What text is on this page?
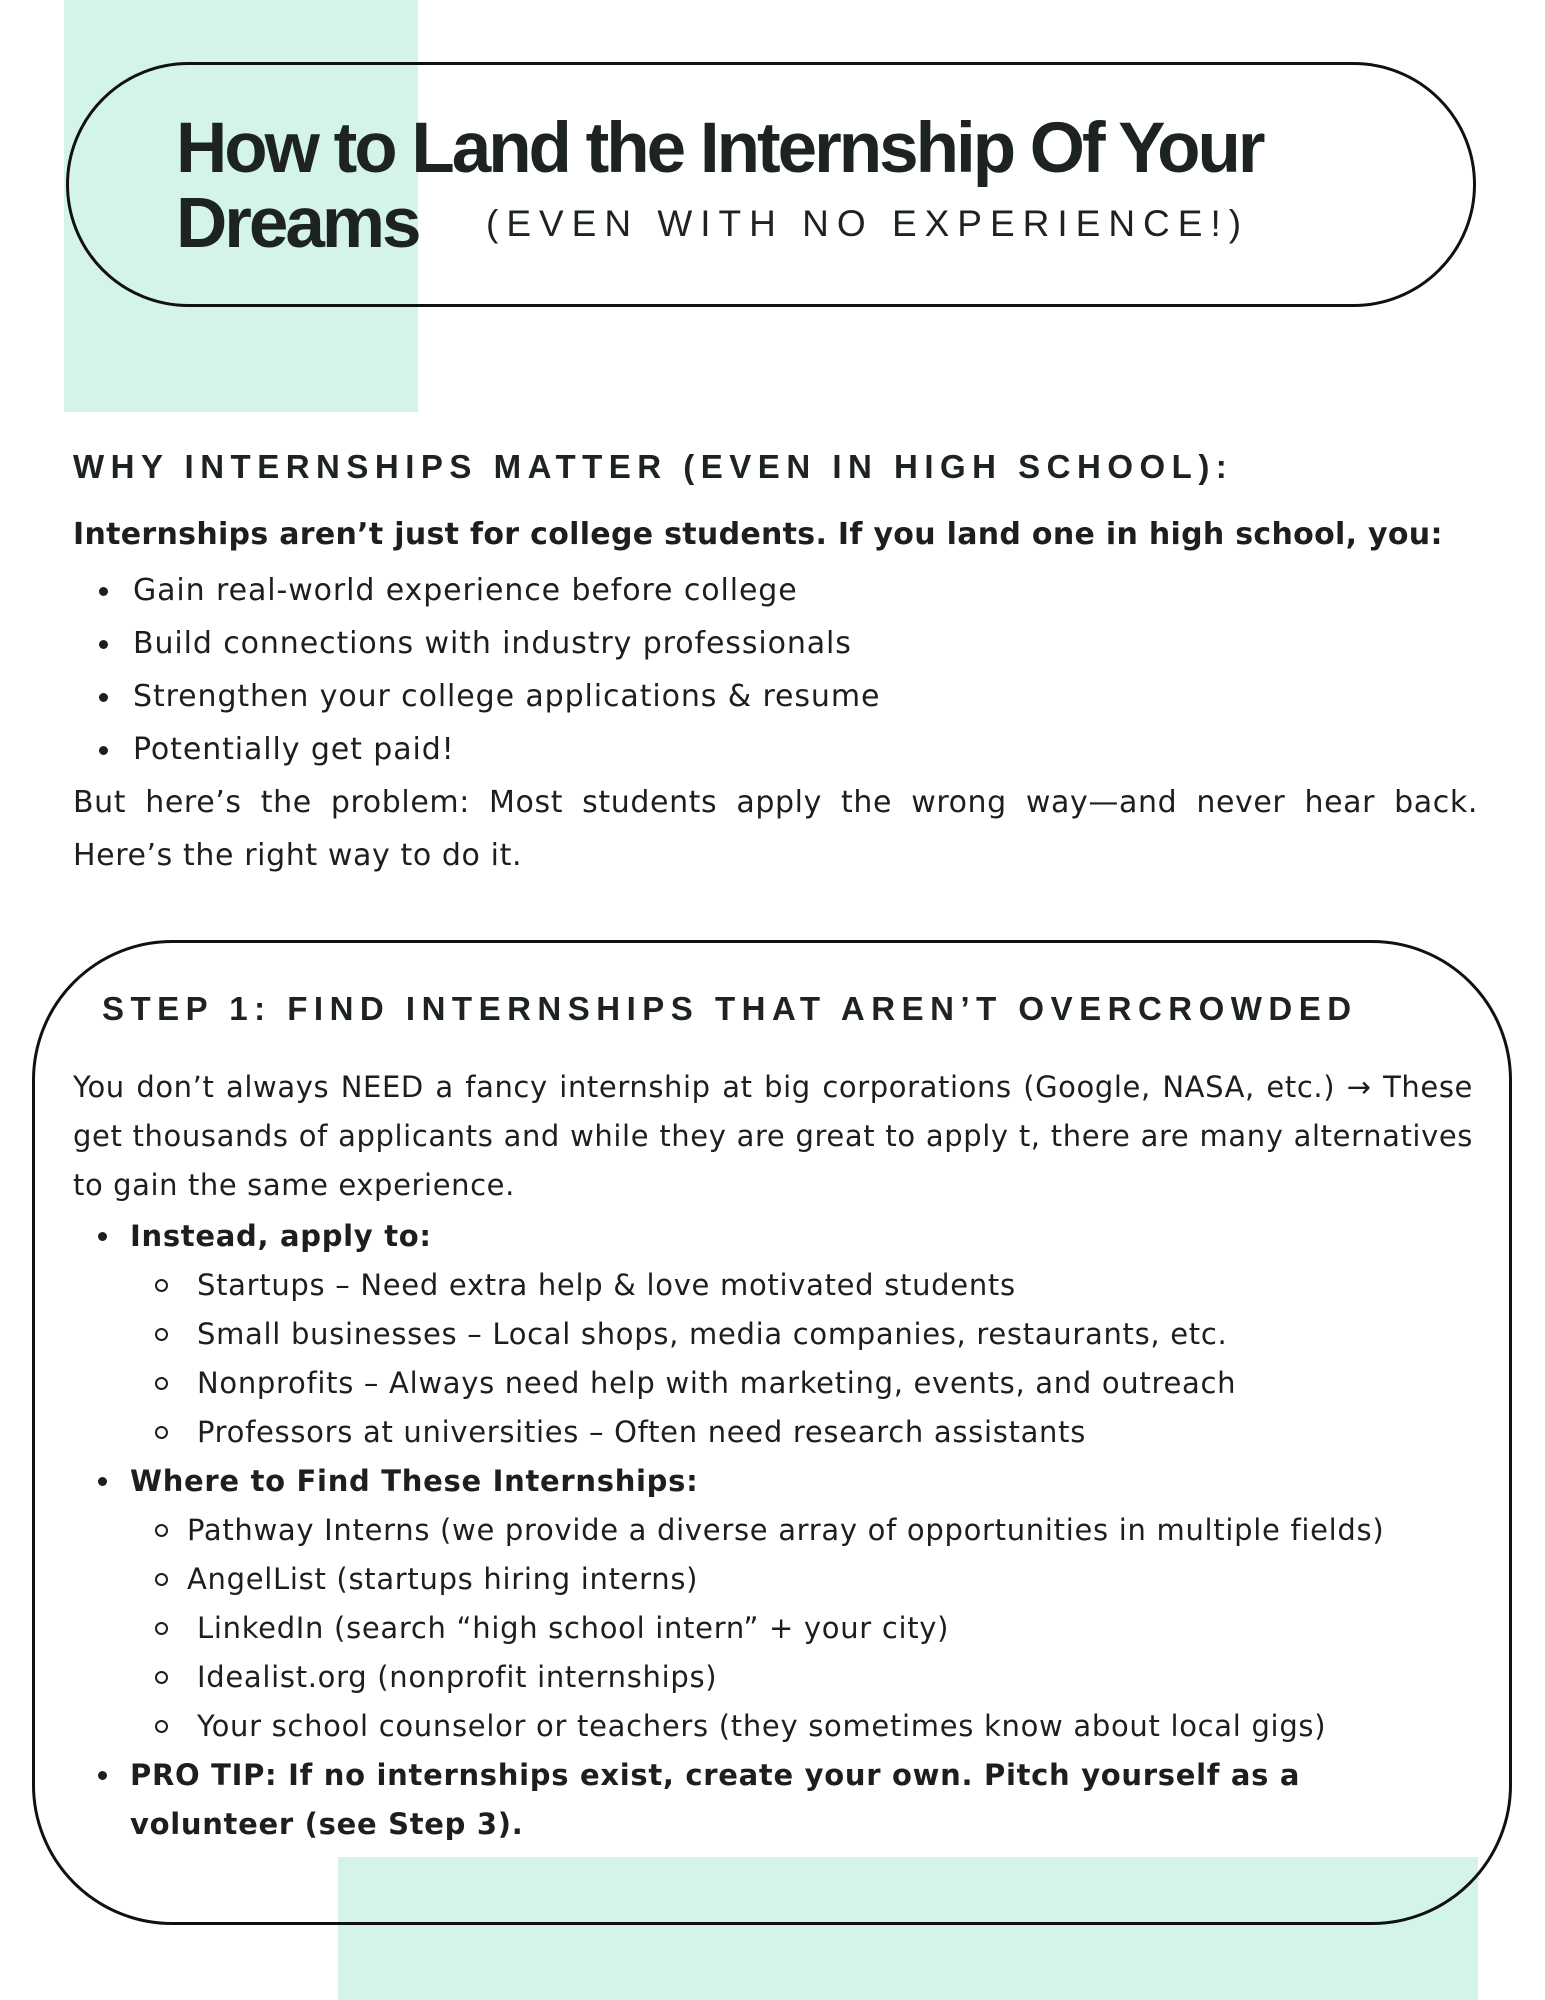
How to Land the Internship Of Your
Dreams (EVEN WITH NO EXPERIENCE!)

WHY INTERNSHIPS MATTER (EVEN IN HIGH SCHOOL):

Internships aren’t just for college students. If you land one in high school, you:

Gain real-world experience before college
Build connections with industry professionals
Strengthen your college applications & resume
Potentially get paid!

But here’s the problem: Most students apply the wrong way—and never hear back. Here’s the right way to do it.

STEP 1: FIND INTERNSHIPS THAT AREN’T OVERCROWDED

You don’t always NEED a fancy internship at big corporations (Google, NASA, etc.) → These get thousands of applicants and while they are great to apply t, there are many alternatives to gain the same experience.

Instead, apply to:
Startups – Need extra help & love motivated students
Small businesses – Local shops, media companies, restaurants, etc.
Nonprofits – Always need help with marketing, events, and outreach
Professors at universities – Often need research assistants
Where to Find These Internships:
Pathway Interns (we provide a diverse array of opportunities in multiple fields)
AngelList (startups hiring interns)
LinkedIn (search “high school intern” + your city)
Idealist.org (nonprofit internships)
Your school counselor or teachers (they sometimes know about local gigs)
PRO TIP: If no internships exist, create your own. Pitch yourself as a volunteer (see Step 3).
